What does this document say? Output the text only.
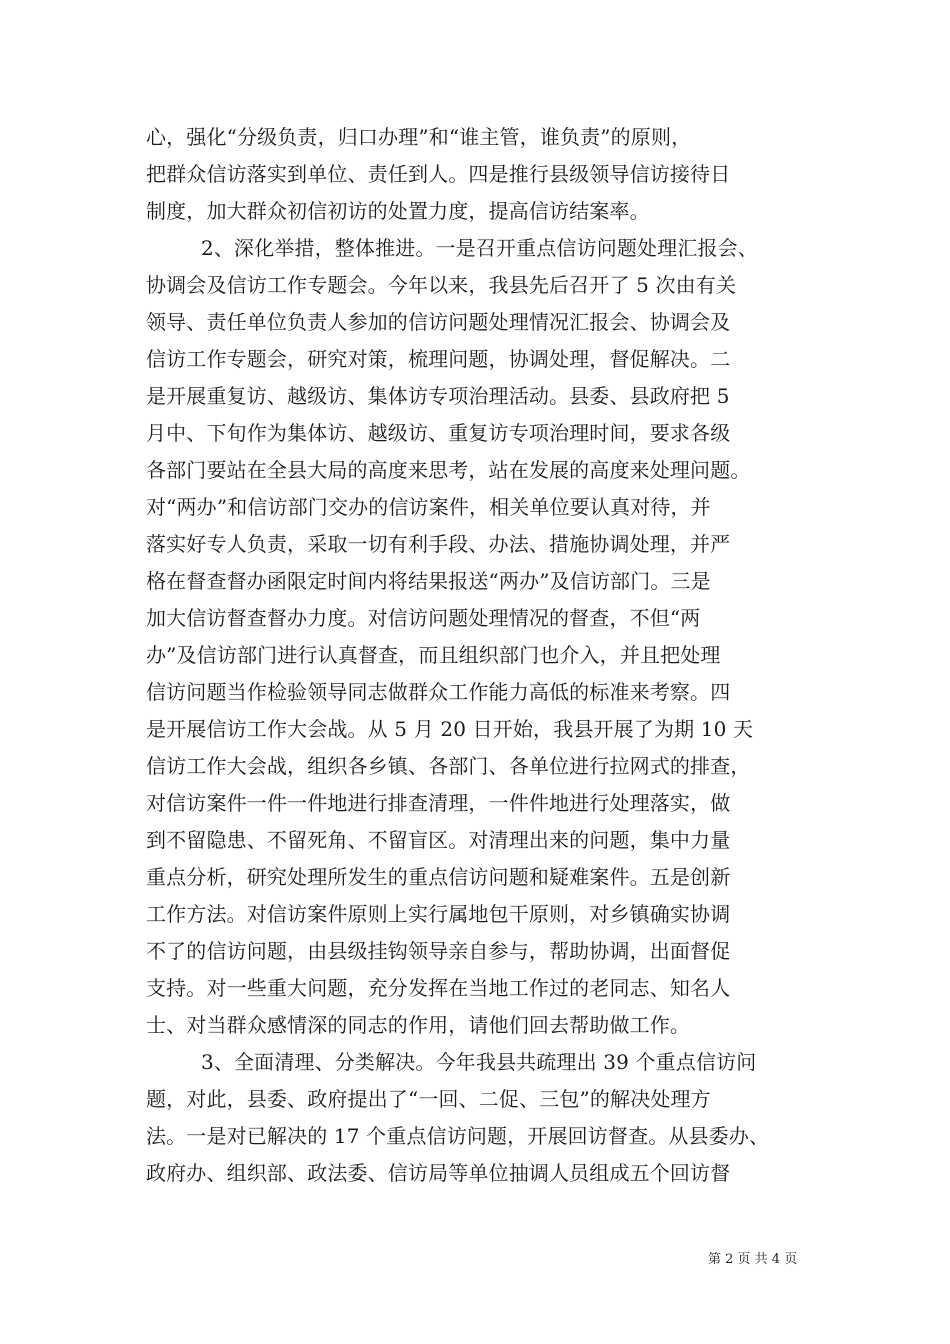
心，强化“分级负责，归口办理”和“谁主管，谁负责”的原则，
把群众信访落实到单位、责任到人。四是推行县级领导信访接待日
制度，加大群众初信初访的处置力度，提高信访结案率。
2、深化举措，整体推进。一是召开重点信访问题处理汇报会、
协调会及信访工作专题会。今年以来，我县先后召开了 5 次由有关
领导、责任单位负责人参加的信访问题处理情况汇报会、协调会及
信访工作专题会，研究对策，梳理问题，协调处理，督促解决。二
是开展重复访、越级访、集体访专项治理活动。县委、县政府把 5
月中、下旬作为集体访、越级访、重复访专项治理时间，要求各级
各部门要站在全县大局的高度来思考，站在发展的高度来处理问题。
对“两办”和信访部门交办的信访案件，相关单位要认真对待，并
落实好专人负责，采取一切有利手段、办法、措施协调处理，并严
格在督查督办函限定时间内将结果报送“两办”及信访部门。三是
加大信访督查督办力度。对信访问题处理情况的督查，不但“两
办”及信访部门进行认真督查，而且组织部门也介入，并且把处理
信访问题当作检验领导同志做群众工作能力高低的标准来考察。四
是开展信访工作大会战。从 5 月 20 日开始，我县开展了为期 10 天
信访工作大会战，组织各乡镇、各部门、各单位进行拉网式的排查，
对信访案件一件一件地进行排查清理，一件件地进行处理落实，做
到不留隐患、不留死角、不留盲区。对清理出来的问题，集中力量
重点分析，研究处理所发生的重点信访问题和疑难案件。五是创新
工作方法。对信访案件原则上实行属地包干原则，对乡镇确实协调
不了的信访问题，由县级挂钩领导亲自参与，帮助协调，出面督促
支持。对一些重大问题，充分发挥在当地工作过的老同志、知名人
士、对当群众感情深的同志的作用，请他们回去帮助做工作。
3、全面清理、分类解决。今年我县共疏理出 39 个重点信访问
题，对此，县委、政府提出了“一回、二促、三包”的解决处理方
法。一是对已解决的 17 个重点信访问题，开展回访督查。从县委办、
政府办、组织部、政法委、信访局等单位抽调人员组成五个回访督
第 2 页 共 4 页
